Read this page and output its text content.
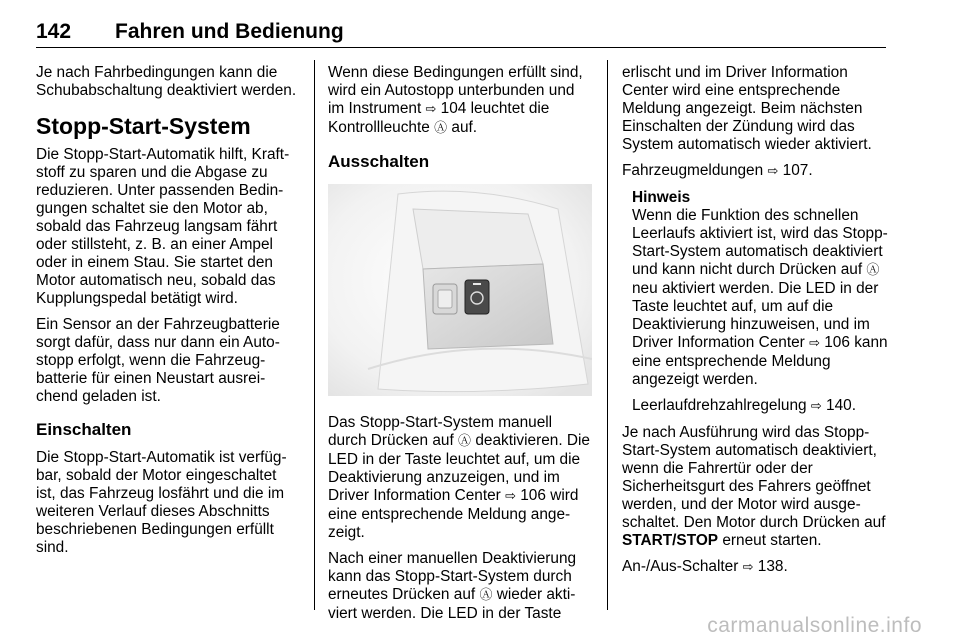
142 Fahren und Bedienung

Je nach Fahrbedingungen kann die Schubabschaltung deaktiviert werden.

Stopp-Start-System

Die Stopp-Start-Automatik hilft, Kraftstoff zu sparen und die Abgase zu reduzieren. Unter passenden Bedingungen schaltet sie den Motor ab, sobald das Fahrzeug langsam fährt oder stillsteht, z. B. an einer Ampel oder in einem Stau. Sie startet den Motor automatisch neu, sobald das Kupplungspedal betätigt wird.

Ein Sensor an der Fahrzeugbatterie sorgt dafür, dass nur dann ein Autostopp erfolgt, wenn die Fahrzeugbatterie für einen Neustart ausreichend geladen ist.

Einschalten

Die Stopp-Start-Automatik ist verfügbar, sobald der Motor eingeschaltet ist, das Fahrzeug losfährt und die im weiteren Verlauf dieses Abschnitts beschriebenen Bedingungen erfüllt sind.

Wenn diese Bedingungen erfüllt sind, wird ein Autostopp unterbunden und im Instrument ⇨ 104 leuchtet die Kontrollleuchte Ⓐ auf.

Ausschalten

Das Stopp-Start-System manuell durch Drücken auf Ⓐ deaktivieren. Die LED in der Taste leuchtet auf, um die Deaktivierung anzuzeigen, und im Driver Information Center ⇨ 106 wird eine entsprechende Meldung angezeigt.

Nach einer manuellen Deaktivierung kann das Stopp-Start-System durch erneutes Drücken auf Ⓐ wieder aktiviert werden. Die LED in der Taste

erlischt und im Driver Information Center wird eine entsprechende Meldung angezeigt. Beim nächsten Einschalten der Zündung wird das System automatisch wieder aktiviert.

Fahrzeugmeldungen ⇨ 107.

Hinweis

Wenn die Funktion des schnellen Leerlaufs aktiviert ist, wird das Stopp-Start-System automatisch deaktiviert und kann nicht durch Drücken auf Ⓐ neu aktiviert werden. Die LED in der Taste leuchtet auf, um auf die Deaktivierung hinzuweisen, und im Driver Information Center ⇨ 106 kann eine entsprechende Meldung angezeigt werden.

Leerlaufdrehzahlregelung ⇨ 140.

Je nach Ausführung wird das Stopp-Start-System automatisch deaktiviert, wenn die Fahrertür oder der Sicherheitsgurt des Fahrers geöffnet werden, und der Motor wird ausgeschaltet. Den Motor durch Drücken auf START/STOP erneut starten.

An-/Aus-Schalter ⇨ 138.

carmanualsonline.info
